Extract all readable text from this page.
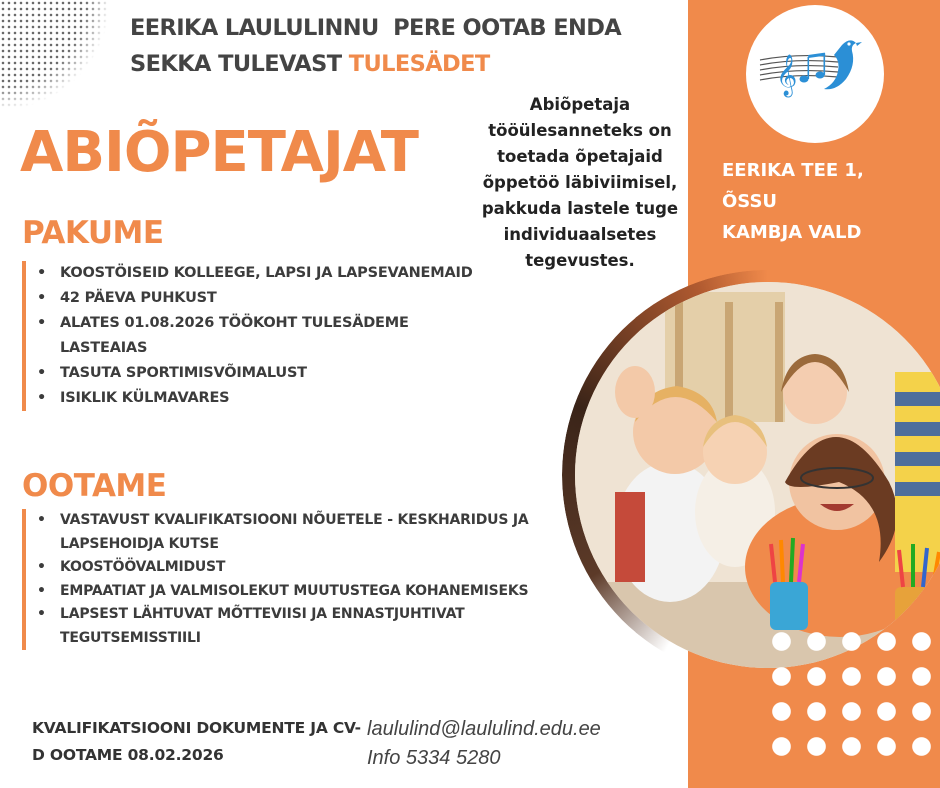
EERIKA LAULULINNU  PERE OOTAB ENDA
SEKKA TULEVAST TULESÄDET
ABIÕPETAJAT
Abiõpetaja tööülesanneteks on toetada õpetajaid õppetöö läbiviimisel, pakkuda lastele tuge individuaalsetes tegevustes.
PAKUME
• KOOSTÖISEID KOLLEEGE, LAPSI JA LAPSEVANEMAID
• 42 PÄEVA PUHKUST
• ALATES 01.08.2026 TÖÖKOHT TULESÄDEME LASTEAIAS
• TASUTA SPORTIMISVÕIMALUST
• ISIKLIK KÜLMAVARES
OOTAME
• VASTAVUST KVALIFIKATSIOONI NÕUETELE - KESKHARIDUS JA LAPSEHOIDJA KUTSE
• KOOSTÖÖVALMIDUST
• EMPAATIAT JA VALMISOLEKUT MUUTUSTEGA KOHANEMISEKS
• LAPSEST LÄHTUVAT MÕTTEVIISI JA ENNASTJUHTIVAT TEGUTSEMISSTIILI
KVALIFIKATSIOONI DOKUMENTE JA CV-D OOTAME 08.02.2026
laululind@laululind.edu.ee
Info 5334 5280
𝄞
EERIKA TEE 1,
ÕSSU
KAMBJA VALD
